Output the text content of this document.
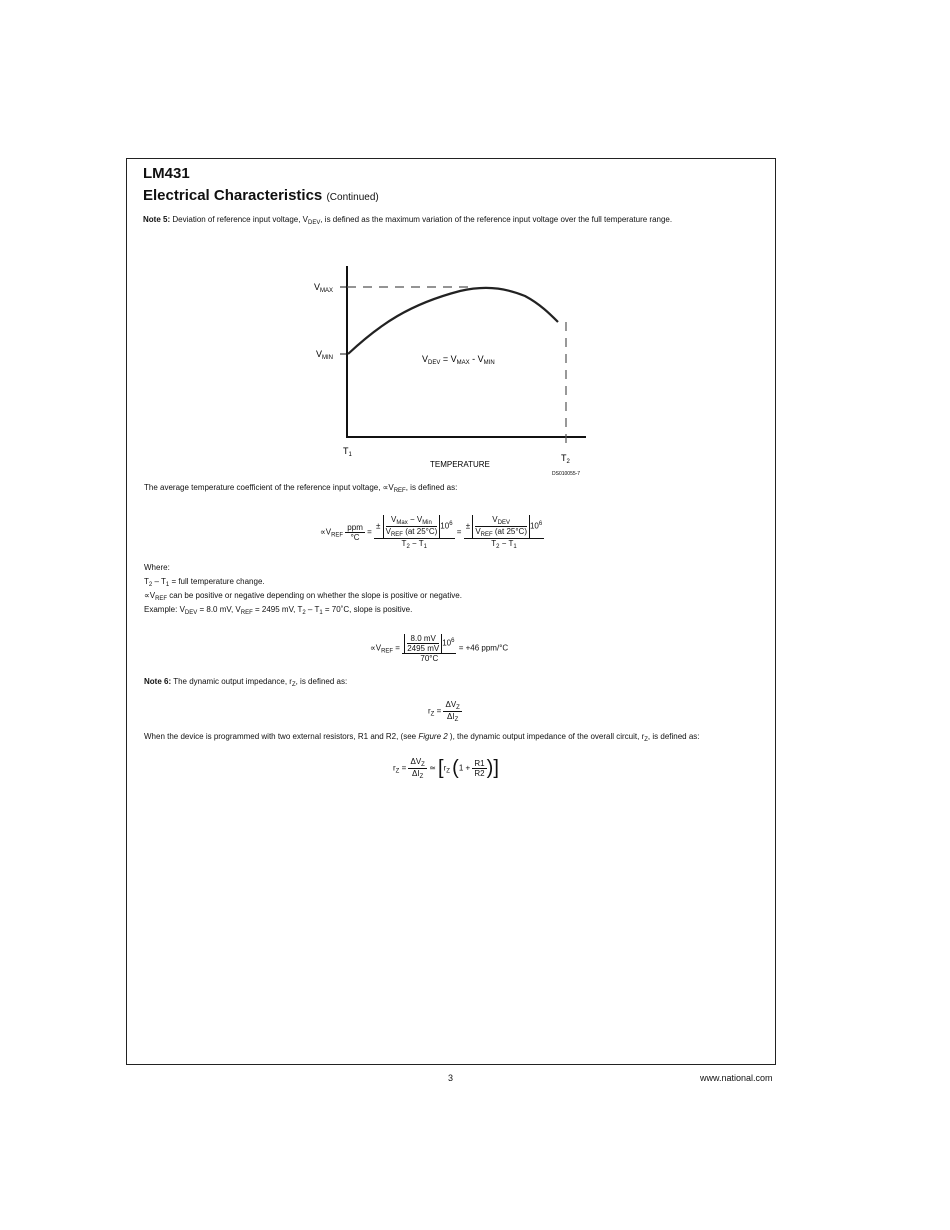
LM431
Electrical Characteristics (Continued)
Note 5: Deviation of reference input voltage, $V_{DEV}$, is defined as the maximum variation of the reference input voltage over the full temperature range.
$V_{MAX}$
$V_{MIN}$
$T_1$	$T_2$
TEMPERATURE
$V_{DEV} = V_{MAX} - V_{MIN}$
DS010055-7
The average temperature coefficient of the reference input voltage, $\propto V_{REF}$, is defined as:
$\propto V_{REF} \frac{\text{ppm}}{^\circ C}$ = ±
$V_{Max} - V_{Min}$
$V_{REF}$ (at 25°C)
$10^6$
$T_2 - T_1$ = ±
$V_{DEV}$
$V_{REF}$ (at 25°C)
$10^6$
$T_2 - T_1$
Where:
$T_2 - T_1$ = full temperature change.
$\propto V_{REF}$ can be positive or negative depending on whether the slope is positive or negative.
Example: $V_{DEV} = 8.0$ mV, $V_{REF} = 2495$ mV, $T_2 - T_1$ = 70˚C, slope is positive.
$\propto V_{REF} = \frac{\frac{8.0 mV}{2495 mV} 10^6}{70^\circ C} = +46$ ppm/°C
Note 6: The dynamic output impedance, $r_Z$, is defined as:
$r_Z = \frac{\Delta V_Z}{\Delta I_Z}$
When the device is programmed with two external resistors, R1 and R2, (see Figure 2 ), the dynamic output impedance of the overall circuit, $r_Z$, is defined as:
$r_Z = \frac{\Delta V_Z}{\Delta I_Z}$ ≃ [$r_Z$ ($1 + \frac{R1}{R2}$ )]
3	www.national.com
